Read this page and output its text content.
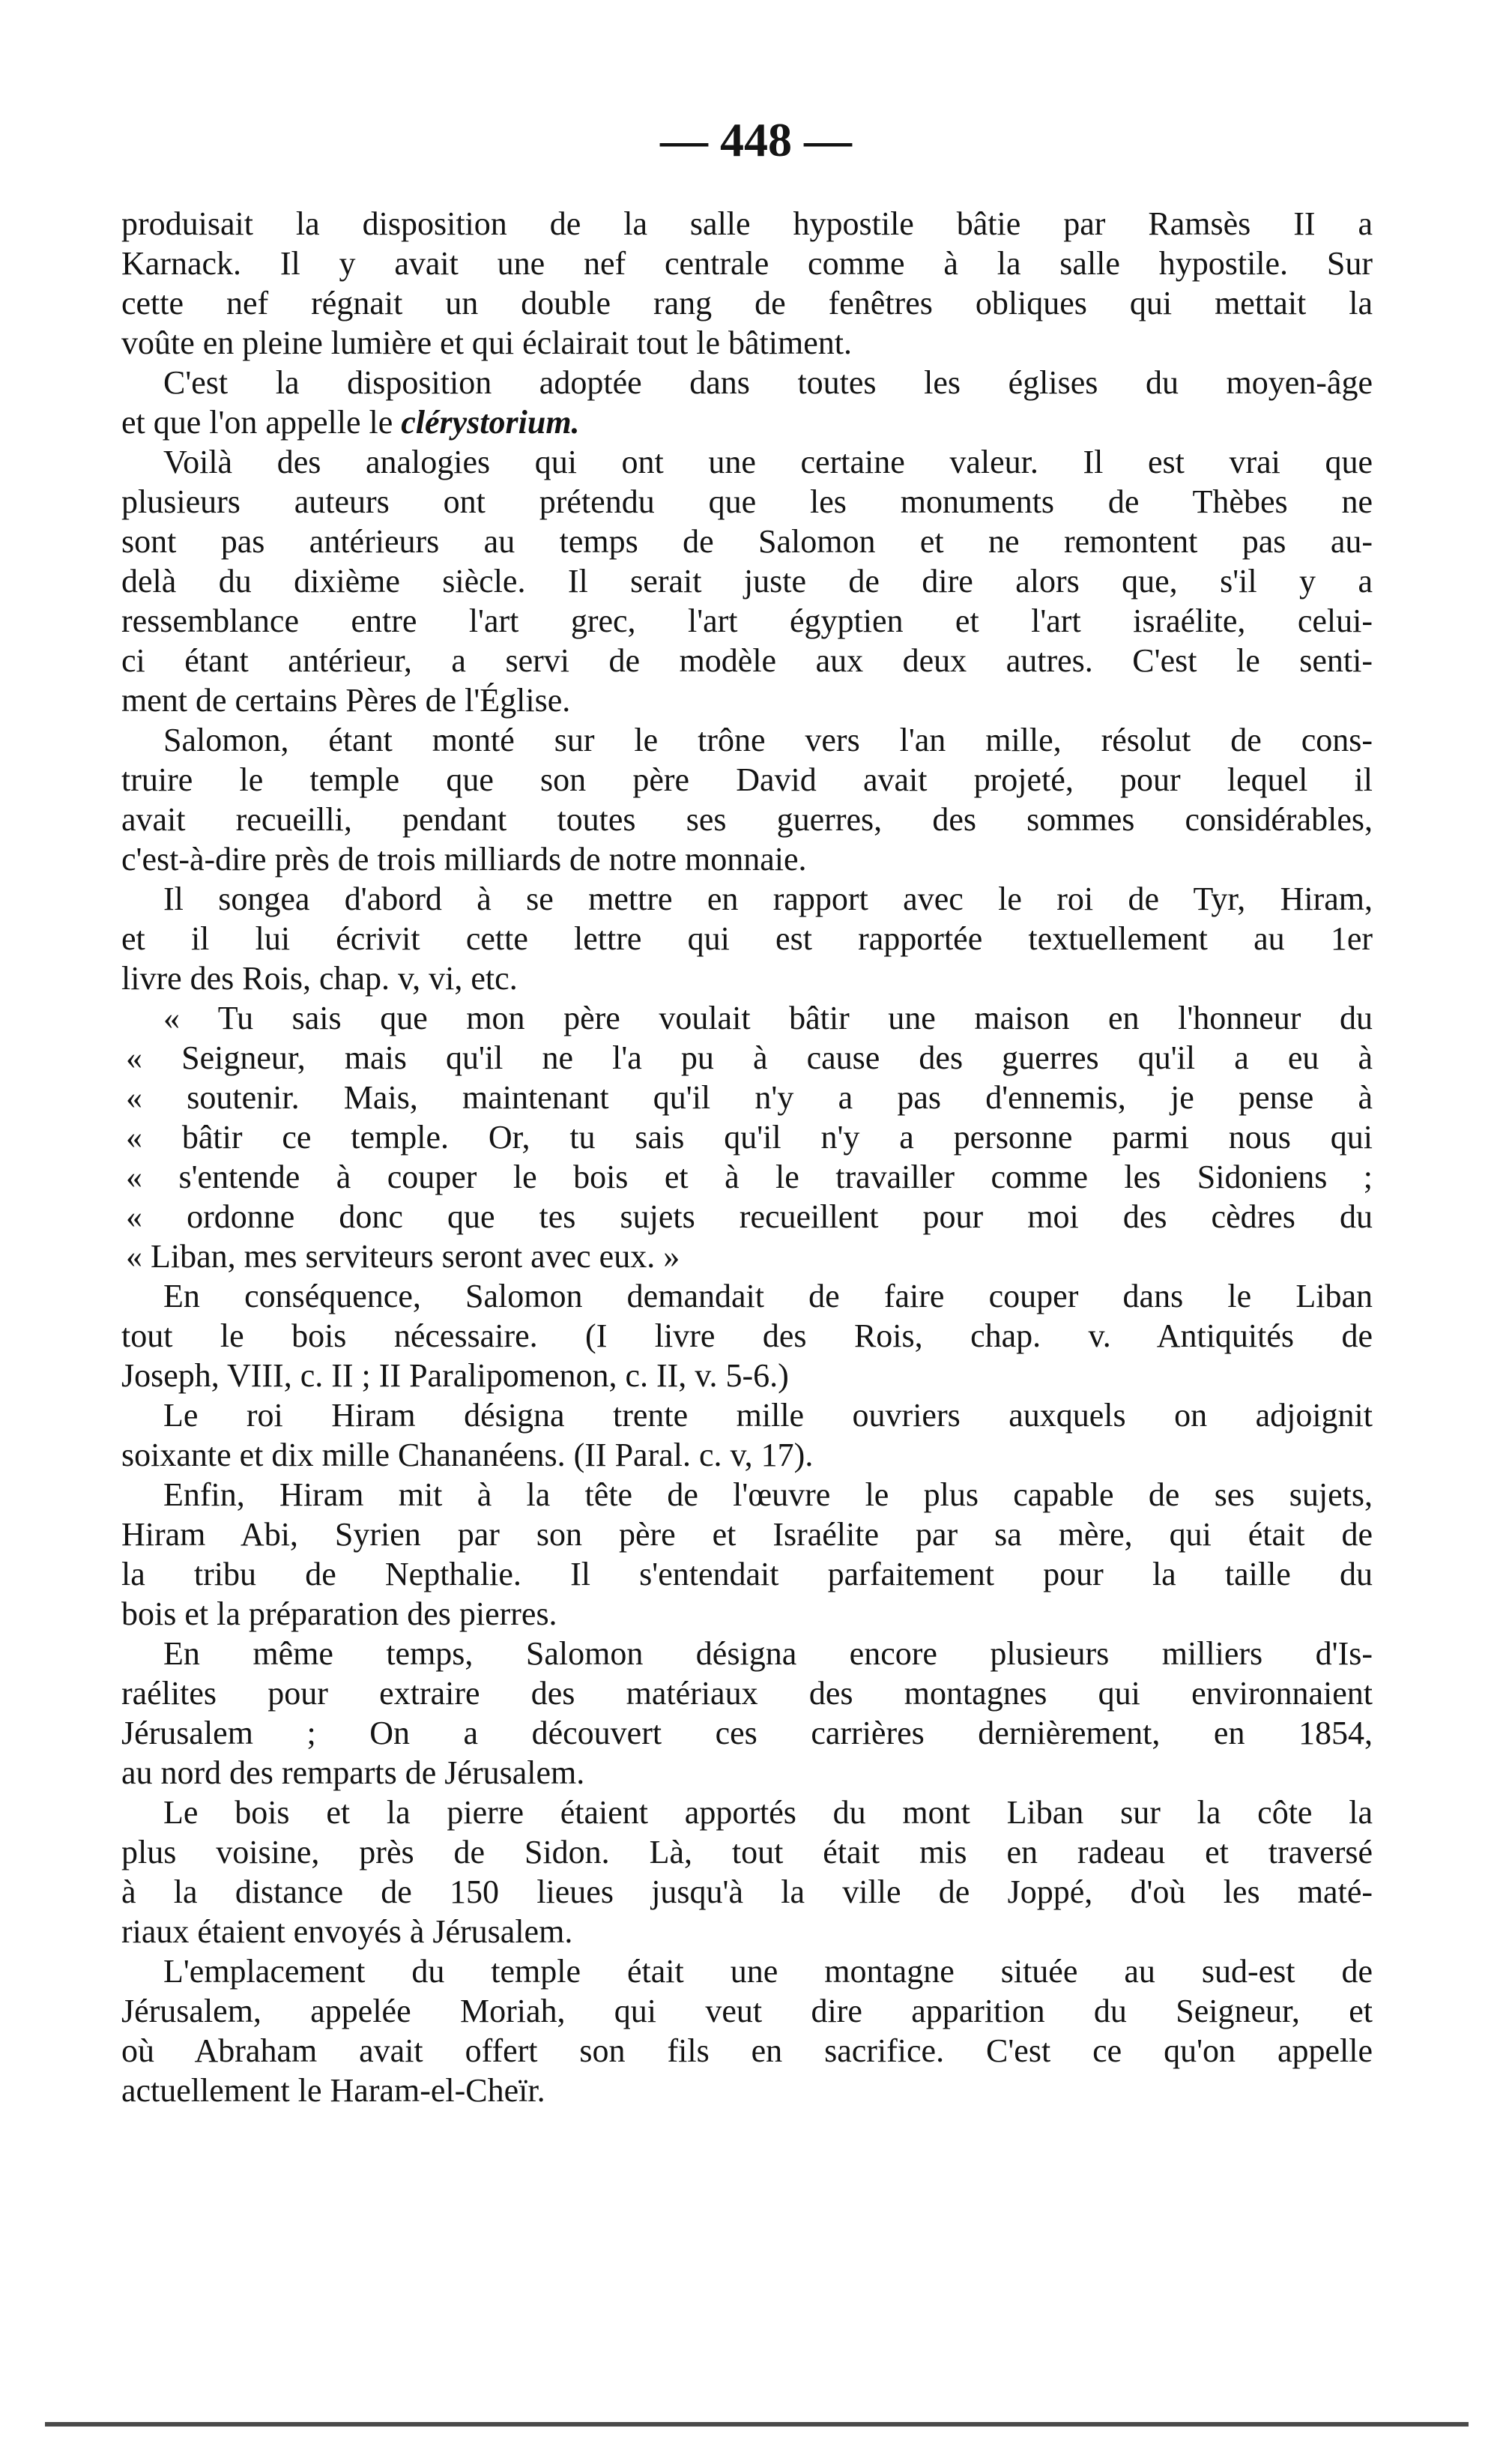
— 448 —

produisait la disposition de la salle hypostile bâtie par Ramsès II a
Karnack. Il y avait une nef centrale comme à la salle hypostile. Sur
cette nef régnait un double rang de fenêtres obliques qui mettait la
voûte en pleine lumière et qui éclairait tout le bâtiment.

C'est la disposition adoptée dans toutes les églises du moyen-âge
et que l'on appelle le clérystorium.

Voilà des analogies qui ont une certaine valeur. Il est vrai que
plusieurs auteurs ont prétendu que les monuments de Thèbes ne
sont pas antérieurs au temps de Salomon et ne remontent pas au-
delà du dixième siècle. Il serait juste de dire alors que, s'il y a
ressemblance entre l'art grec, l'art égyptien et l'art israélite, celui-
ci étant antérieur, a servi de modèle aux deux autres. C'est le senti-
ment de certains Pères de l'Église.

Salomon, étant monté sur le trône vers l'an mille, résolut de cons-
truire le temple que son père David avait projeté, pour lequel il
avait recueilli, pendant toutes ses guerres, des sommes considérables,
c'est-à-dire près de trois milliards de notre monnaie.

Il songea d'abord à se mettre en rapport avec le roi de Tyr, Hiram,
et il lui écrivit cette lettre qui est rapportée textuellement au 1er
livre des Rois, chap. v, vi, etc.

« Tu sais que mon père voulait bâtir une maison en l'honneur du
« Seigneur, mais qu'il ne l'a pu à cause des guerres qu'il a eu à
« soutenir. Mais, maintenant qu'il n'y a pas d'ennemis, je pense à
« bâtir ce temple. Or, tu sais qu'il n'y a personne parmi nous qui
« s'entende à couper le bois et à le travailler comme les Sidoniens ;
« ordonne donc que tes sujets recueillent pour moi des cèdres du
« Liban, mes serviteurs seront avec eux. »

En conséquence, Salomon demandait de faire couper dans le Liban
tout le bois nécessaire. (I livre des Rois, chap. v. Antiquités de
Joseph, VIII, c. II ; II Paralipomenon, c. II, v. 5-6.)

Le roi Hiram désigna trente mille ouvriers auxquels on adjoignit
soixante et dix mille Chananéens. (II Paral. c. v, 17).

Enfin, Hiram mit à la tête de l'œuvre le plus capable de ses sujets,
Hiram Abi, Syrien par son père et Israélite par sa mère, qui était de
la tribu de Nepthalie. Il s'entendait parfaitement pour la taille du
bois et la préparation des pierres.

En même temps, Salomon désigna encore plusieurs milliers d'Is-
raélites pour extraire des matériaux des montagnes qui environnaient
Jérusalem ; On a découvert ces carrières dernièrement, en 1854,
au nord des remparts de Jérusalem.

Le bois et la pierre étaient apportés du mont Liban sur la côte la
plus voisine, près de Sidon. Là, tout était mis en radeau et traversé
à la distance de 150 lieues jusqu'à la ville de Joppé, d'où les maté-
riaux étaient envoyés à Jérusalem.

L'emplacement du temple était une montagne située au sud-est de
Jérusalem, appelée Moriah, qui veut dire apparition du Seigneur, et
où Abraham avait offert son fils en sacrifice. C'est ce qu'on appelle
actuellement le Haram-el-Cheïr.
